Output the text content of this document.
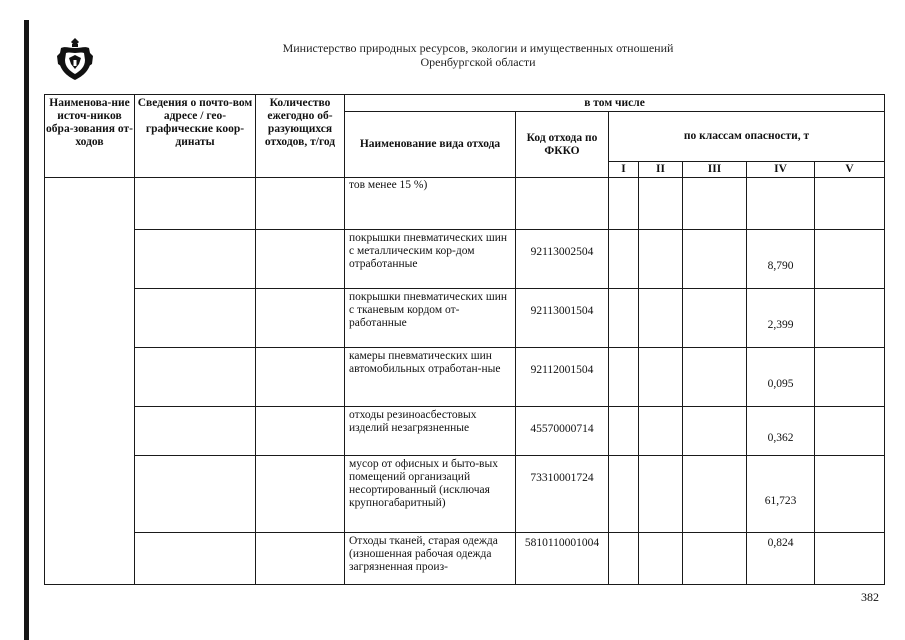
Министерство природных ресурсов, экологии и имущественных отношений
Оренбургской области
Наименова-ние источ-ников обра-зования от-ходов	Сведения о почто-вом адресе / гео-графические коор-динаты	Количество ежегодно об-разующихся отходов, т/год	в том числе						
			Наименование вида отхода	Код отхода по ФККО	по классам опасности, т				
					I	II	III	IV	V
			тов менее 15 %)						
			покрышки пневматических шин с металлическим кор-дом отработанные	92113002504				8,790	
			покрышки пневматических шин с тканевым кордом от-работанные	92113001504				2,399	
			камеры пневматических шин автомобильных отработан-ные	92112001504				0,095	
			отходы резиноасбестовых изделий незагрязненные	45570000714				0,362	
			мусор от офисных и быто-вых помещений организаций несортированный (исключая крупногабаритный)	73310001724				61,723	
			Отходы тканей, старая одежда (изношенная рабочая одежда загрязненная произ-	5810110001004				0,824	
382
